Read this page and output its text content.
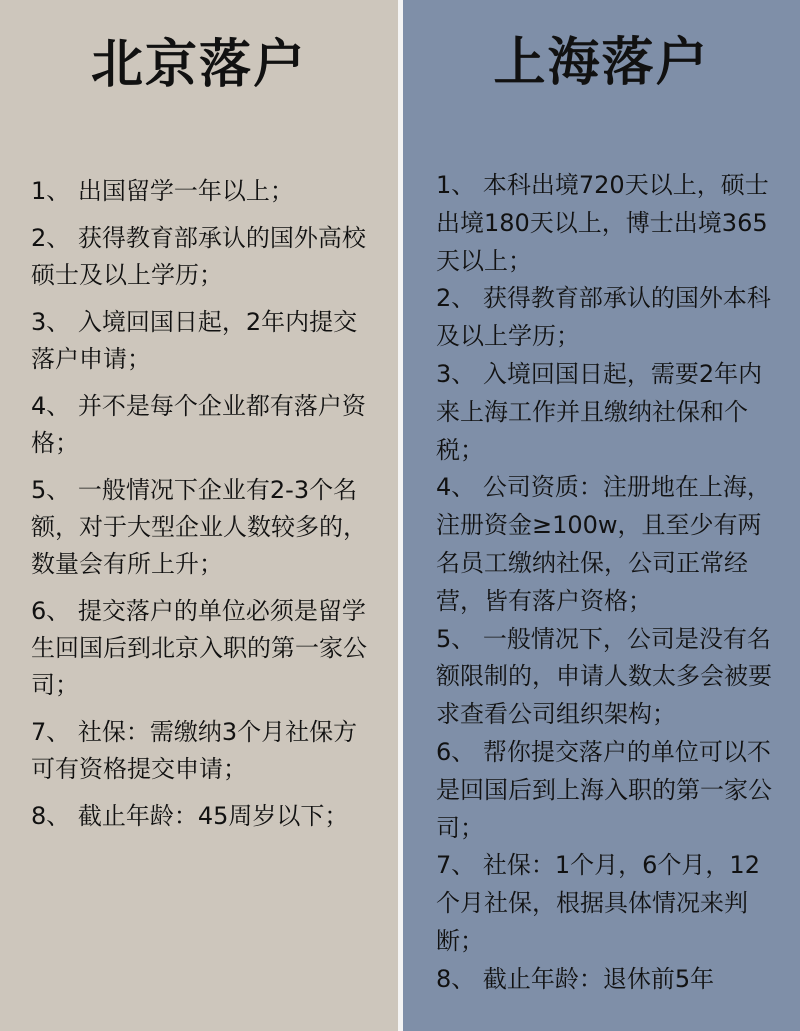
北京落户
1、 出国留学一年以上；
2、 获得教育部承认的国外高校硕士及以上学历；
3、 入境回国日起，2年内提交落户申请；
4、 并不是每个企业都有落户资格；
5、 一般情况下企业有2-3个名额，对于大型企业人数较多的，数量会有所上升；
6、 提交落户的单位必须是留学生回国后到北京入职的第一家公司；
7、 社保：需缴纳3个月社保方可有资格提交申请；
8、 截止年龄：45周岁以下；
上海落户
1、 本科出境720天以上，硕士出境180天以上，博士出境365天以上；
2、 获得教育部承认的国外本科及以上学历；
3、 入境回国日起，需要2年内来上海工作并且缴纳社保和个税；
4、 公司资质：注册地在上海，注册资金≥100w，且至少有两名员工缴纳社保，公司正常经营，皆有落户资格；
5、 一般情况下，公司是没有名额限制的，申请人数太多会被要求查看公司组织架构；
6、 帮你提交落户的单位可以不是回国后到上海入职的第一家公司；
7、 社保：1个月，6个月，12个月社保，根据具体情况来判断；
8、 截止年龄：退休前5年
